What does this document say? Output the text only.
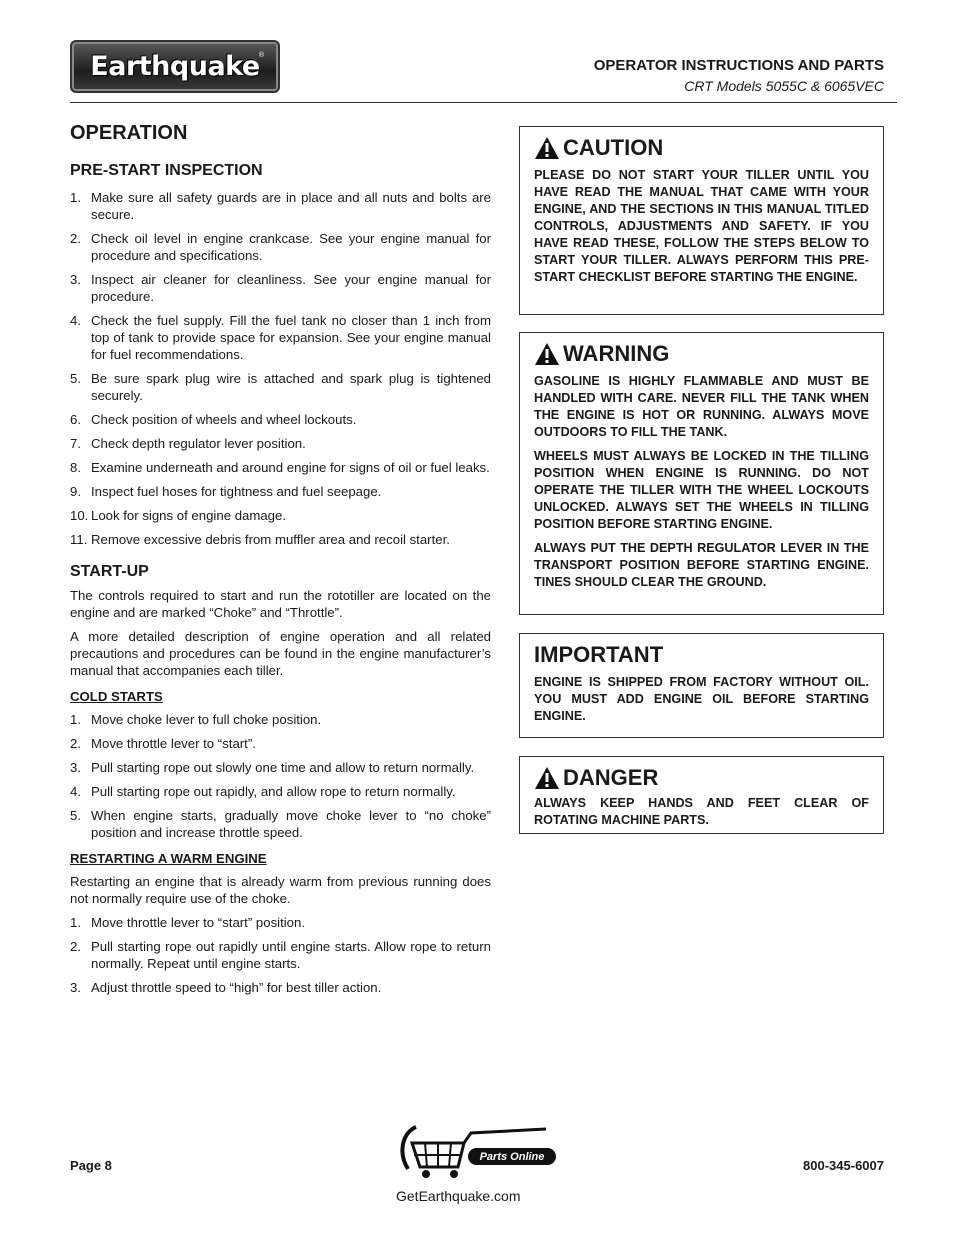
Earthquake ®
OPERATOR INSTRUCTIONS AND PARTS
CRT Models 5055C & 6065VEC
OPERATION
PRE-START INSPECTION
1. Make sure all safety guards are in place and all nuts and bolts are secure.
2. Check oil level in engine crankcase. See your engine manual for procedure and specifications.
3. Inspect air cleaner for cleanliness. See your engine manual for procedure.
4. Check the fuel supply. Fill the fuel tank no closer than 1 inch from top of tank to provide space for expansion. See your engine manual for fuel recommendations.
5. Be sure spark plug wire is attached and spark plug is tightened securely.
6. Check position of wheels and wheel lockouts.
7. Check depth regulator lever position.
8. Examine underneath and around engine for signs of oil or fuel leaks.
9. Inspect fuel hoses for tightness and fuel seepage.
10. Look for signs of engine damage.
11. Remove excessive debris from muffler area and recoil starter.
START-UP

The controls required to start and run the rototiller are located on the engine and are marked “Choke” and “Throttle”.

A more detailed description of engine operation and all related precautions and procedures can be found in the engine manufacturer’s manual that accompanies each tiller.

COLD STARTS
1. Move choke lever to full choke position.
2. Move throttle lever to “start”.
3. Pull starting rope out slowly one time and allow to return normally.
4. Pull starting rope out rapidly, and allow rope to return normally.
5. When engine starts, gradually move choke lever to “no choke” position and increase throttle speed.
RESTARTING A WARM ENGINE

Restarting an engine that is already warm from previous running does not normally require use of the choke.

1. Move throttle lever to “start” position.
2. Pull starting rope out rapidly until engine starts. Allow rope to return normally. Repeat until engine starts.
3. Adjust throttle speed to “high” for best tiller action.
CAUTION

PLEASE DO NOT START YOUR TILLER UNTIL YOU HAVE READ THE MANUAL THAT CAME WITH YOUR ENGINE, AND THE SECTIONS IN THIS MANUAL TITLED CONTROLS, ADJUSTMENTS AND SAFETY. IF YOU HAVE READ THESE, FOLLOW THE STEPS BELOW TO START YOUR TILLER. ALWAYS PERFORM THIS PRE-START CHECKLIST BEFORE STARTING THE ENGINE.

WARNING

GASOLINE IS HIGHLY FLAMMABLE AND MUST BE HANDLED WITH CARE. NEVER FILL THE TANK WHEN THE ENGINE IS HOT OR RUNNING. ALWAYS MOVE OUTDOORS TO FILL THE TANK.

WHEELS MUST ALWAYS BE LOCKED IN THE TILLING POSITION WHEN ENGINE IS RUNNING. DO NOT OPERATE THE TILLER WITH THE WHEEL LOCKOUTS UNLOCKED. ALWAYS SET THE WHEELS IN TILLING POSITION BEFORE STARTING ENGINE.

ALWAYS PUT THE DEPTH REGULATOR LEVER IN THE TRANSPORT POSITION BEFORE STARTING ENGINE. TINES SHOULD CLEAR THE GROUND.

IMPORTANT

ENGINE IS SHIPPED FROM FACTORY WITHOUT OIL. YOU MUST ADD ENGINE OIL BEFORE STARTING ENGINE.

DANGER

ALWAYS KEEP HANDS AND FEET CLEAR OF ROTATING MACHINE PARTS.

Page 8
Parts Online
GetEarthquake.com
800-345-6007
